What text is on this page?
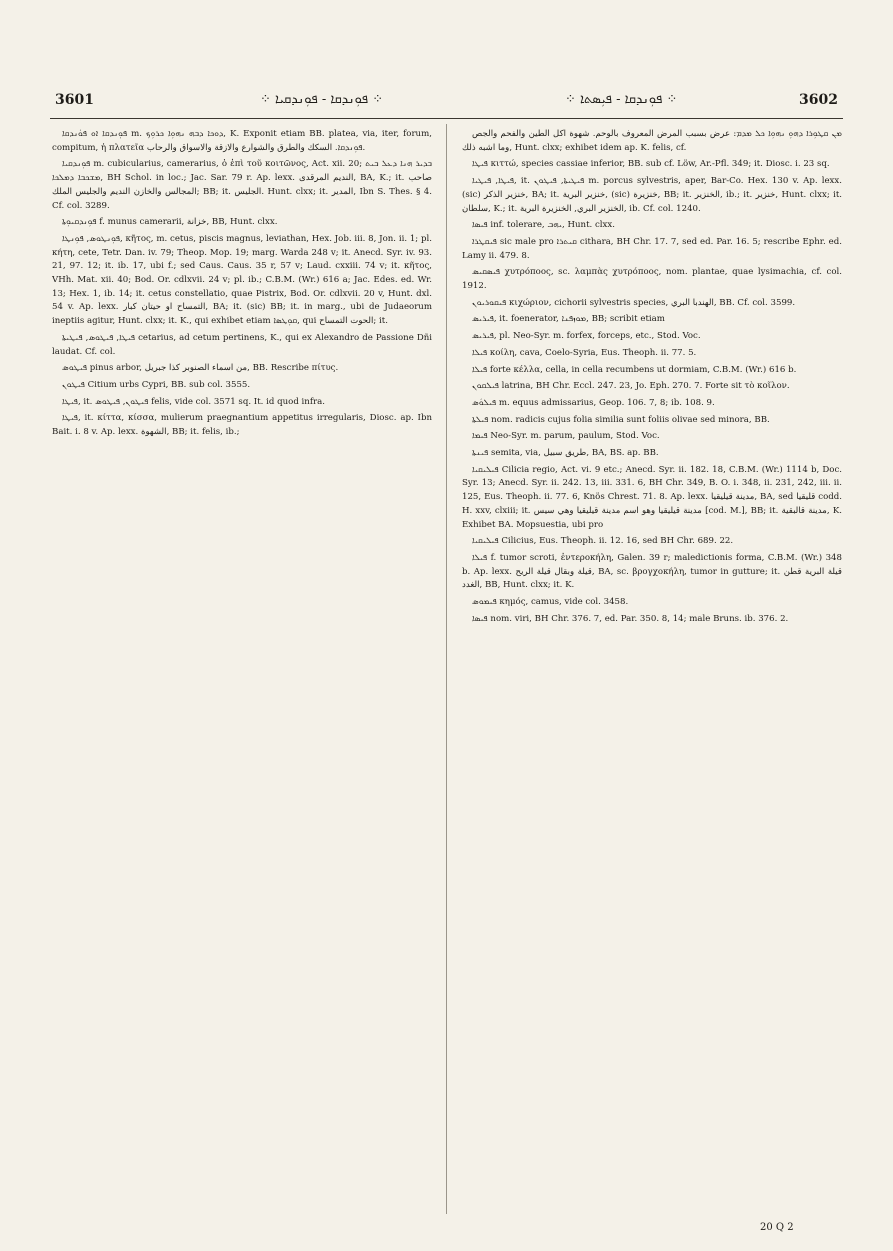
3601	⁘ ܦܘܼܢܕܩܐ - ܦܘܼܢܕܩܝܐ ⁘	⁘ ܦܘܼܢܕܩܐ - ܦܝܼܣܬܐ ⁘	3602

ܦܘܼܢܕܩܐ ܐܘ ܦܘܿܢܕܩܐ m. ܕܘܟܐ ܕܒܗ ܢܗܘܼܐ ܟܪܘܼܟ, K. Exponit etiam BB. platea, via, iter, forum, compitum, ἡ πλατεῖα ܦܘܼܢܕܩܐ. السكك والطرق والشوارع والازقة والاسواق والرحاب.

ܦܘܼܢܕܩܝܐ m. cubicularius, camerarius, ὁ ἐπὶ τοῦ κοιτῶνος, Act. xii. 20; ܒܕܝܪ ܗܢܐ ܕܥܠ ܒܝܬ ܡܫܟܒܐ ܕܡܠܟܐ, BH Schol. in loc.; Jac. Sar. 79 r. Ap. lexx. الندیم المرقدی, BA, K.; it. صاحب المجالس والخازن النديم والجليس الملك; BB; it. الجليس. Hunt. clxx; it. المدير, Ibn S. Thes. § 4. Cf. col. 3289.

ܦܘܼܢܕܩܝܘܼܬܐ f. munus camerarii, ﺧﺰﺍﻧﺔ, BB, Hunt. clxx.

ܦܘܼܢܛܘܣ, ܦܘܼܢܛܐ, κῆτος, m. cetus, piscis magnus, leviathan, Hex. Job. iii. 8, Jon. ii. 1; pl. κήτη, cete, Tetr. Dan. iv. 79; Theop. Mop. 19; marg. Warda 248 v; it. Anecd. Syr. iv. 93. 21, 97. 12; it. ib. 17, ubi f.; sed Caus. Caus. 35 r, 57 v; Laud. cxxiii. 74 v; it. κῆτος, VHh. Mat. xii. 40; Bod. Or. cdlxvii. 24 v; pl. ib.; C.B.M. (Wr.) 616 a; Jac. Edes. ed. Wr. 13; Hex. 1, ib. 14; it. cetus constellatio, quae Pistrix, Bod. Or. cdlxvii. 20 v, Hunt. dxl. 54 v. Ap. lexx. التمساح او حيتان كبار, BA; it. (sic) BB; it. in marg., ubi de Judaeorum ineptiis agitur, Hunt. clxx; it. K., qui exhibet etiam ܩܘܼܛܣܐ, qui الحوت التمساح; it.

ܦܝܛܐ, ܦܝܛܘܣ, ܦܝܛܝܬܐ cetarius, ad cetum pertinens, K., qui ex Alexandro de Passione Dñi laudat. Cf. col.

ܦܝܛܘܣ pinus arbor, من اسماء الصنوبر كذا جبريل, BB. Rescribe πίτυς.

ܦܝܛܘܢ Citium urbs Cypri, BB. sub col. 3555.

ܦܝܛܐ, it. ܦܝܛܘܢ, ܦܝܛܘܣ felis, vide col. 3571 sq. It. id quod infra.

ܦܝܛܐ, it. κίττα, κίσσα, mulierum praegnantium appetitus irregularis, Diosc. ap. Ibn Bait. i. 8 v. Ap. lexx. الشهوة, BB; it. felis, ib.;

ܡܢ ܩܛܘܼܪܐ ܕܗܘܼ ܢܗܘܼܐ ܟܠ ܡܕܡ: عرض بسبب المرض المعروف بالوحم. شهوة اكل الطين والفحم والجص وما اشبه ذلك, Hunt. clxx; exhibet idem ap. K. felis, cf.

ܦܝܛܐ κιττώ, species cassiae inferior, BB. sub cf. Löw, Ar.-Pfl. 349; it. Diosc. i. 23 sq.

ܦܝܛܐ, ܦܝܛܝܐ, it. ܦܝܛܝܬܐ, ܦܝܛܘܢ m. porcus sylvestris, aper, Bar-Co. Hex. 130 v. Ap. lexx. (sic) خنزير الذكر, BA; it. خنزير البرية, (sic) خنزيرة, BB; it. الخنزير, ib.; it. خنزير, Hunt. clxx; it. سلطان, K.; it. الخنزير البري, الخنزيرة البرية, ib. Cf. col. 1240.

ܦܝܣܐ inf. tolerare, ܝܗܒ, Hunt. clxx.

ܦܝܩܛܪܐ sic male pro ܩܝܬܪܐ cithara, BH Chr. 17. 7, sed ed. Par. 16. 5; rescribe Ephr. ed. Lamy ii. 479. 8.

ܦܝܣܩܝܣ χυτρόποος, sc. λαμπὰς χυτρόποος, nom. plantae, quae lysimachia, cf. col. 1912.

ܦܝܩܘܪܝܘܢ κιχώριον, cichorii sylvestris species, الهندبا البري, BB. Cf. col. 3599.

ܦܝܪܝܣ, it. foenerator, ܡܘܙܦܢܐ, BB; scribit etiam

ܦܝܪܝܣ, pl. Neo-Syr. m. forfex, forceps, etc., Stod. Voc.

ܦܝܠܐ κοίλη, cava, Coelo-Syria, Eus. Theoph. ii. 77. 5.

ܦܝܠܐ forte κέλλα, cella, in cella recumbens ut dormiam, C.B.M. (Wr.) 616 b.

ܦܝܠܩܘܢ latrina, BH Chr. Eccl. 247. 23, Jo. Eph. 270. 7. Forte sit τὸ κοῖλον.

ܦܝܠܘܿܣ m. equus admissarius, Geop. 106. 7, 8; ib. 108. 9.

ܦܝܠܬܐ nom. radicis cujus folia similia sunt foliis olivae sed minora, BB.

ܦܝܡܐ Neo-Syr. m. parum, paulum, Stod. Voc.

ܦܝܢܬܐ semita, via, طريق سبيل, BA, BS. ap. BB.

ܦܝܠܝܩܝܐ Cilicia regio, Act. vi. 9 etc.; Anecd. Syr. ii. 182. 18, C.B.M. (Wr.) 1114 b, Doc. Syr. 13; Anecd. Syr. ii. 242. 13, iii. 331. 6, BH Chr. 349, B. O. i. 348, ii. 231, 242, iii. ii. 125, Eus. Theoph. ii. 77. 6, Knös Chrest. 71. 8. Ap. lexx. مدينة قيليقيا, BA, sed قليقيا codd. H. xxv, clxiii; it. مدينة قيليقيا وهو اسم مدينة قيليقيا وهي سيس [cod. M.], BB; it. مدينة قالبقية, K. Exhibet BA. Mopsuestia, ubi pro

ܦܝܠܝܩܝܐ Cilicius, Eus. Theoph. ii. 12. 16, sed BH Chr. 689. 22.

ܦܝܠܐ f. tumor scroti, ἐντεροκήλη, Galen. 39 r; maledictionis forma, C.B.M. (Wr.) 348 b. Ap. lexx. قيلة وبقال قيلة الريح, BA, sc. βρογχοκήλη, tumor in gutture; it. قيلة البرية قطن الغدد, BB, Hunt. clxx; it. K.

ܦܝܡܘܣ κημός, camus, vide col. 3458.

ܦܝܣܐ nom. viri, BH Chr. 376. 7, ed. Par. 350. 8, 14; male Bruns. ib. 376. 2.

20 Q 2
